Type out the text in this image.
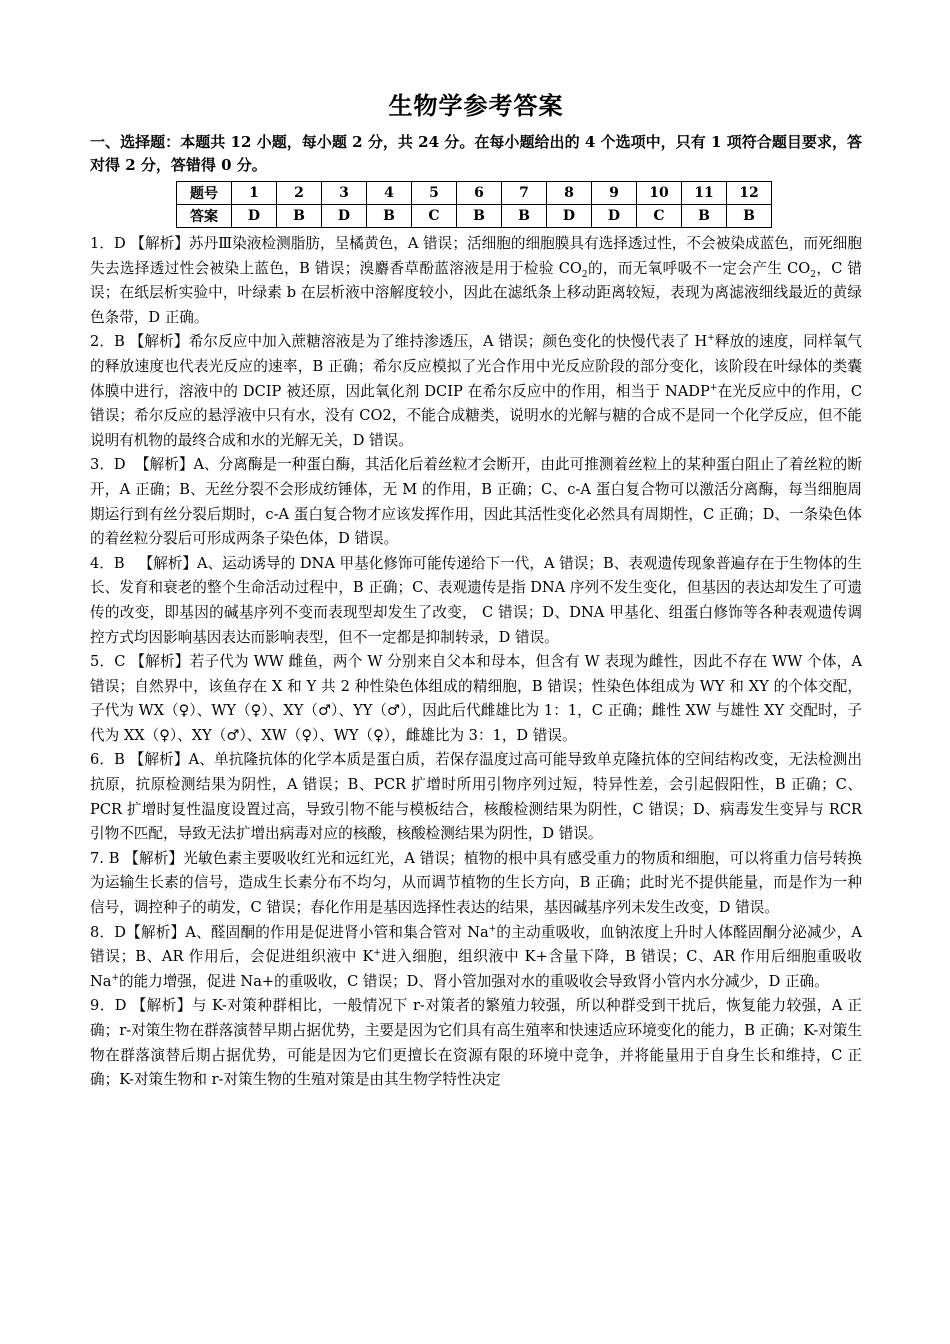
生物学参考答案

一、选择题：本题共 12 小题，每小题 2 分，共 24 分。在每小题给出的 4 个选项中，只有 1 项符合题目要求，答对得 2 分，答错得 0 分。

题号	1	2	3	4	5	6	7	8	9	10	11	12
答案	D	B	D	B	C	B	B	D	D	C	B	B

1．D 【解析】苏丹Ⅲ染液检测脂肪，呈橘黄色，A 错误；活细胞的细胞膜具有选择透过性，不会被染成蓝色，而死细胞失去选择透过性会被染上蓝色，B 错误；溴麝香草酚蓝溶液是用于检验 $CO_2$的，而无氧呼吸不一定会产生 $CO_2$，C 错误；在纸层析实验中，叶绿素 b 在层析液中溶解度较小，因此在滤纸条上移动距离较短，表现为离滤液细线最近的黄绿色条带，D 正确。

2．B 【解析】希尔反应中加入蔗糖溶液是为了维持渗透压，A 错误；颜色变化的快慢代表了 H+释放的速度，同样氧气的释放速度也代表光反应的速率，B 正确；希尔反应模拟了光合作用中光反应阶段的部分变化，该阶段在叶绿体的类囊体膜中进行，溶液中的 DCIP 被还原，因此氧化剂 DCIP 在希尔反应中的作用，相当于 NADP+在光反应中的作用，C 错误；希尔反应的悬浮液中只有水，没有 CO2，不能合成糖类，说明水的光解与糖的合成不是同一个化学反应，但不能说明有机物的最终合成和水的光解无关，D 错误。

3．D 【解析】A、分离酶是一种蛋白酶，其活化后着丝粒才会断开，由此可推测着丝粒上的某种蛋白阻止了着丝粒的断开，A 正确；B、无丝分裂不会形成纺锤体，无 M 的作用，B 正确；C、c-A 蛋白复合物可以激活分离酶，每当细胞周期运行到有丝分裂后期时，c-A 蛋白复合物才应该发挥作用，因此其活性变化必然具有周期性，C 正确；D、一条染色体的着丝粒分裂后可形成两条子染色体，D 错误。

4．B 【解析】A、运动诱导的 DNA 甲基化修饰可能传递给下一代，A 错误；B、表观遗传现象普遍存在于生物体的生长、发育和衰老的整个生命活动过程中，B 正确；C、表观遗传是指 DNA 序列不发生变化，但基因的表达却发生了可遗传的改变，即基因的碱基序列不变而表现型却发生了改变， C 错误；D、DNA 甲基化、组蛋白修饰等各种表观遗传调控方式均因影响基因表达而影响表型，但不一定都是抑制转录，D 错误。

5．C 【解析】若子代为 WW 雌鱼，两个 W 分别来自父本和母本，但含有 W 表现为雌性，因此不存在 WW 个体，A 错误；自然界中，该鱼存在 X 和 Y 共 2 种性染色体组成的精细胞，B 错误；性染色体组成为 WY 和 XY 的个体交配，子代为 WX（♀）、WY（♀）、XY（♂）、YY（♂），因此后代雌雄比为 1：1，C 正确；雌性 XW 与雄性 XY 交配时，子代为 XX（♀）、XY（♂）、XW（♀）、WY（♀），雌雄比为 3：1，D 错误。

6．B 【解析】A、单抗隆抗体的化学本质是蛋白质，若保存温度过高可能导致单克隆抗体的空间结构改变，无法检测出抗原，抗原检测结果为阴性，A 错误；B、PCR 扩增时所用引物序列过短，特异性差，会引起假阳性，B 正确；C、PCR 扩增时复性温度设置过高，导致引物不能与模板结合，核酸检测结果为阴性，C 错误；D、病毒发生变异与 RCR 引物不匹配，导致无法扩增出病毒对应的核酸，核酸检测结果为阴性，D 错误。

7. B 【解析】光敏色素主要吸收红光和远红光，A 错误；植物的根中具有感受重力的物质和细胞，可以将重力信号转换为运输生长素的信号，造成生长素分布不均匀，从而调节植物的生长方向，B 正确；此时光不提供能量，而是作为一种信号，调控种子的萌发，C 错误；春化作用是基因选择性表达的结果，基因碱基序列未发生改变，D 错误。

8．D【解析】A、醛固酮的作用是促进肾小管和集合管对 Na+的主动重吸收，血钠浓度上升时人体醛固酮分泌减少，A 错误；B、AR 作用后，会促进组织液中 K+进入细胞，组织液中 K+含量下降，B 错误；C、AR 作用后细胞重吸收 Na+的能力增强，促进 Na+的重吸收，C 错误；D、肾小管加强对水的重吸收会导致肾小管内水分减少，D 正确。

9．D 【解析】与 K-对策种群相比，一般情况下 r-对策者的繁殖力较强，所以种群受到干扰后，恢复能力较强，A 正确；r-对策生物在群落演替早期占据优势，主要是因为它们具有高生殖率和快速适应环境变化的能力，B 正确；K-对策生物在群落演替后期占据优势，可能是因为它们更擅长在资源有限的环境中竞争，并将能量用于自身生长和维持，C 正确；K-对策生物和 r-对策生物的生殖对策是由其生物学特性决定
